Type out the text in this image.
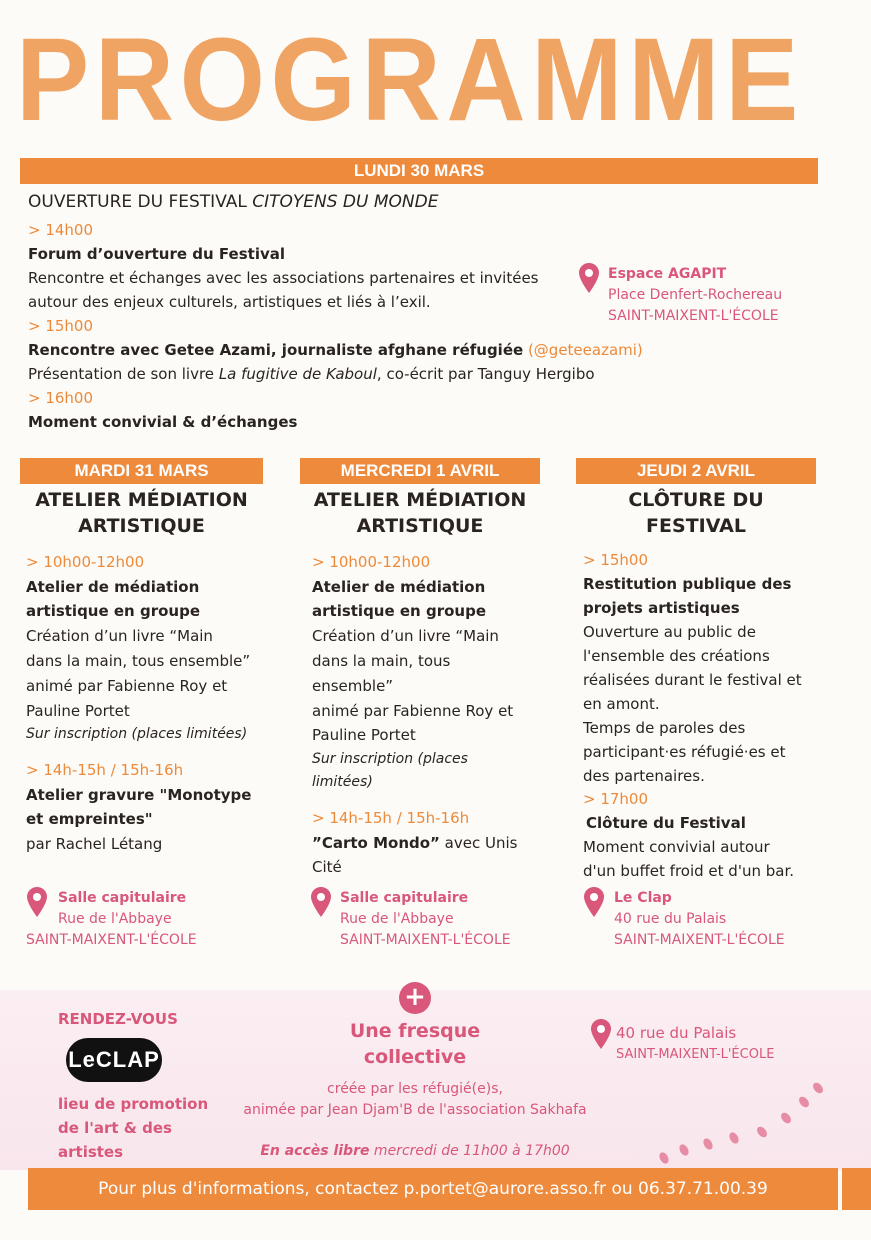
PROGRAMME
LUNDI 30 MARS
OUVERTURE DU FESTIVAL CITOYENS DU MONDE
> 14h00
Forum d’ouverture du Festival
Rencontre et échanges avec les associations partenaires et invitées
autour des enjeux culturels, artistiques et liés à l’exil.
> 15h00
Rencontre avec Getee Azami, journaliste afghane réfugiée (@geteeazami)
Présentation de son livre La fugitive de Kaboul, co-écrit par Tanguy Hergibo
> 16h00
Moment convivial & d’échanges
Espace AGAPIT
Place Denfert-Rochereau
SAINT-MAIXENT-L'ÉCOLE
MARDI 31 MARS
ATELIER MÉDIATION
ARTISTIQUE
> 10h00-12h00
Atelier de médiation
artistique en groupe
Création d’un livre “Main
dans la main, tous ensemble”
animé par Fabienne Roy et
Pauline Portet
Sur inscription (places limitées)
> 14h-15h / 15h-16h
Atelier gravure "Monotype
et empreintes"
par Rachel Létang
Salle capitulaire
Rue de l'Abbaye
SAINT-MAIXENT-L'ÉCOLE
MERCREDI 1 AVRIL
ATELIER MÉDIATION
ARTISTIQUE
> 10h00-12h00
Atelier de médiation
artistique en groupe
Création d’un livre “Main
dans la main, tous
ensemble”
animé par Fabienne Roy et
Pauline Portet
Sur inscription (places
limitées)
> 14h-15h / 15h-16h
”Carto Mondo” avec Unis
Cité
Salle capitulaire
Rue de l'Abbaye
SAINT-MAIXENT-L'ÉCOLE
JEUDI 2 AVRIL
CLÔTURE DU
FESTIVAL
> 15h00
Restitution publique des
projets artistiques
Ouverture au public de
l'ensemble des créations
réalisées durant le festival et
en amont.
Temps de paroles des
participant·es réfugié·es et
des partenaires.
> 17h00
Clôture du Festival
Moment convivial autour
d'un buffet froid et d'un bar.
Le Clap
40 rue du Palais
SAINT-MAIXENT-L'ÉCOLE
RENDEZ-VOUS
LeCLAP
lieu de promotion
de l'art & des
artistes
+
Une fresque
collective
créée par les réfugié(e)s,
animée par Jean Djam'B de l'association Sakhafa
En accès libre mercredi de 11h00 à 17h00
40 rue du Palais
SAINT-MAIXENT-L'ÉCOLE
Pour plus d'informations, contactez p.portet@aurore.asso.fr ou 06.37.71.00.39
